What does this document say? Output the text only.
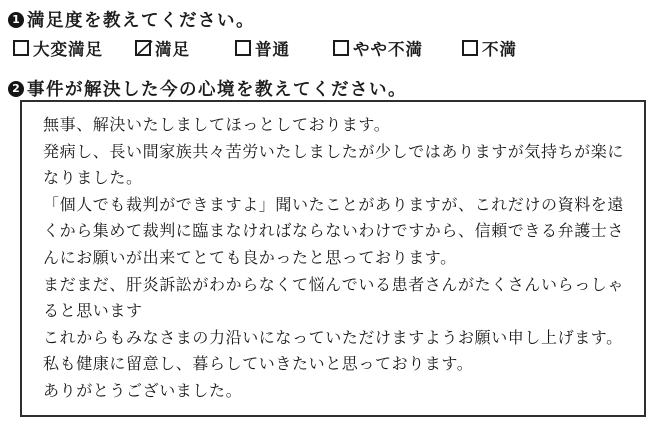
1 満足度を教えてください。
大変満足	満足	普通	やや不満	不満
2 事件が解決した今の心境を教えてください。
無事、解決いたしましてほっとしております。
発病し、長い間家族共々苦労いたしましたが少しではありますが気持ちが楽に
なりました。
「個人でも裁判ができますよ」聞いたことがありますが、これだけの資料を遠
くから集めて裁判に臨まなければならないわけですから、信頼できる弁護士さ
んにお願いが出来てとても良かったと思っております。
まだまだ、肝炎訴訟がわからなくて悩んでいる患者さんがたくさんいらっしゃ
ると思います
これからもみなさまの力沿いになっていただけますようお願い申し上げます。
私も健康に留意し、暮らしていきたいと思っております。
ありがとうございました。
